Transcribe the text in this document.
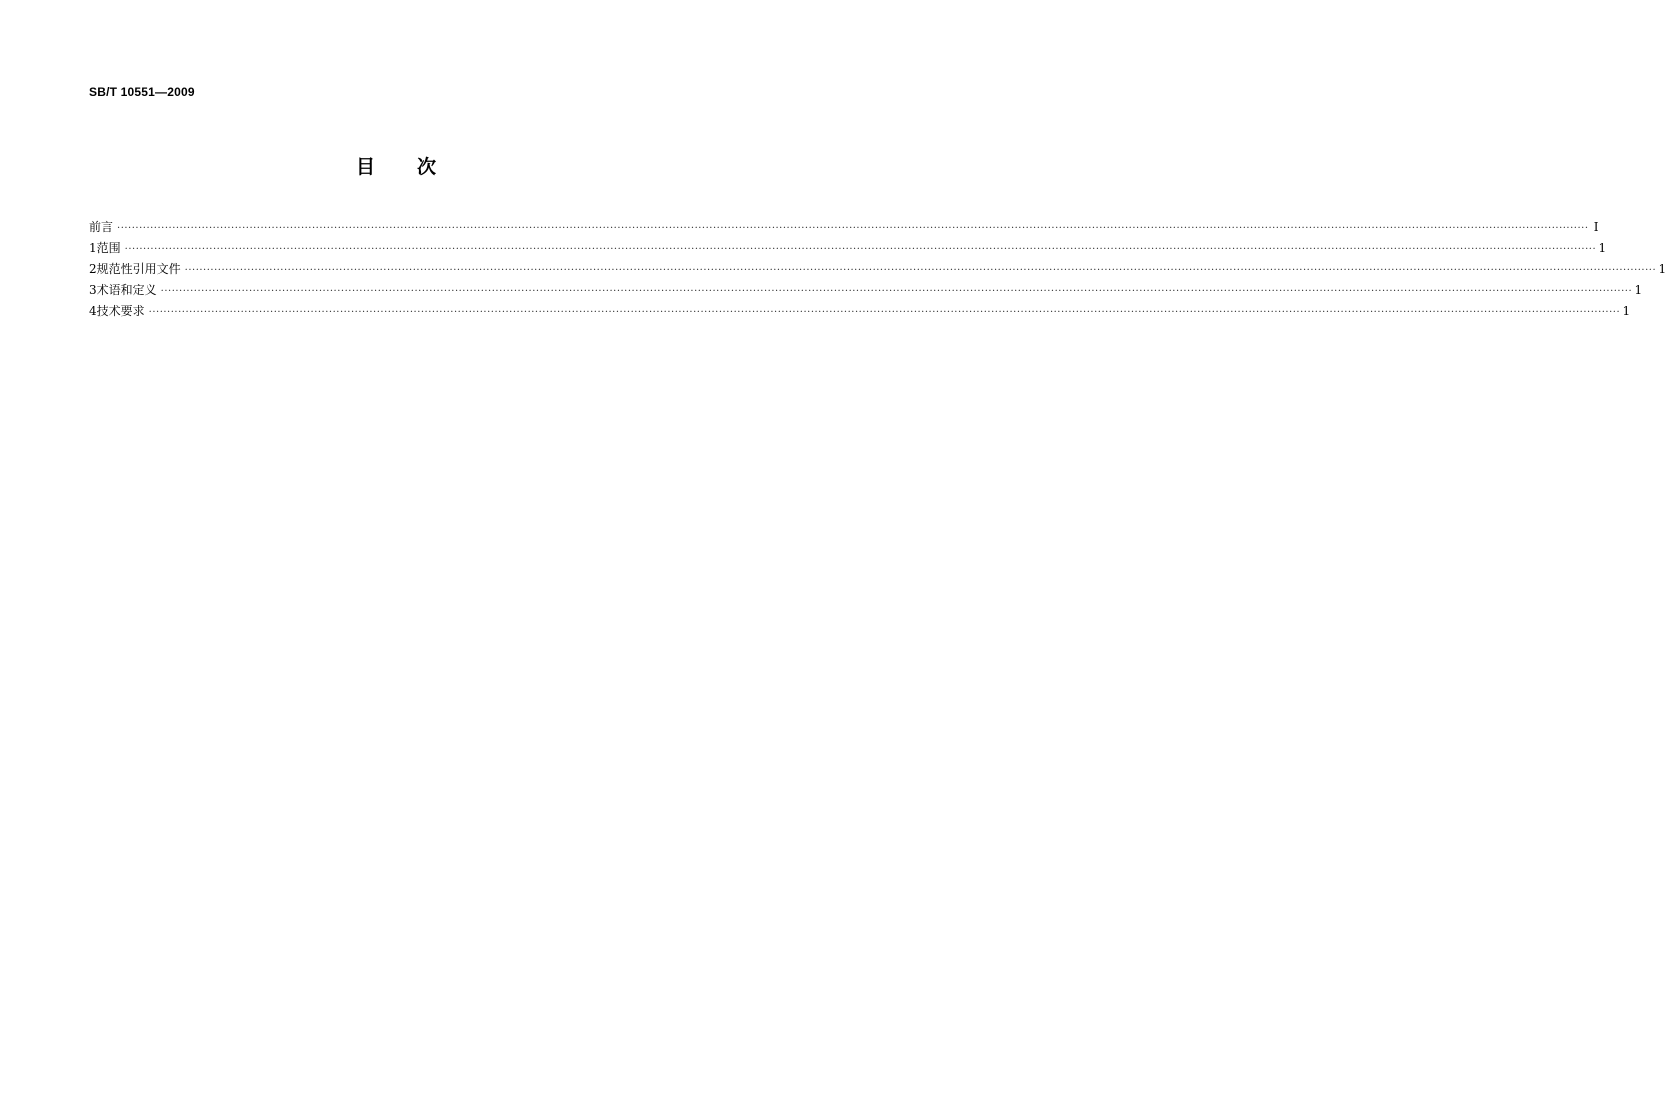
SB/T 10551—2009
目 次
前言 ················································································································································································································································································································································································································ Ⅰ
1 范围 ················································································································································································································································································································································································································ 1
2 规范性引用文件 ················································································································································································································································································································································································································ 1
3 术语和定义 ················································································································································································································································································································································································································ 1
4 技术要求 ················································································································································································································································································································································································································ 1
